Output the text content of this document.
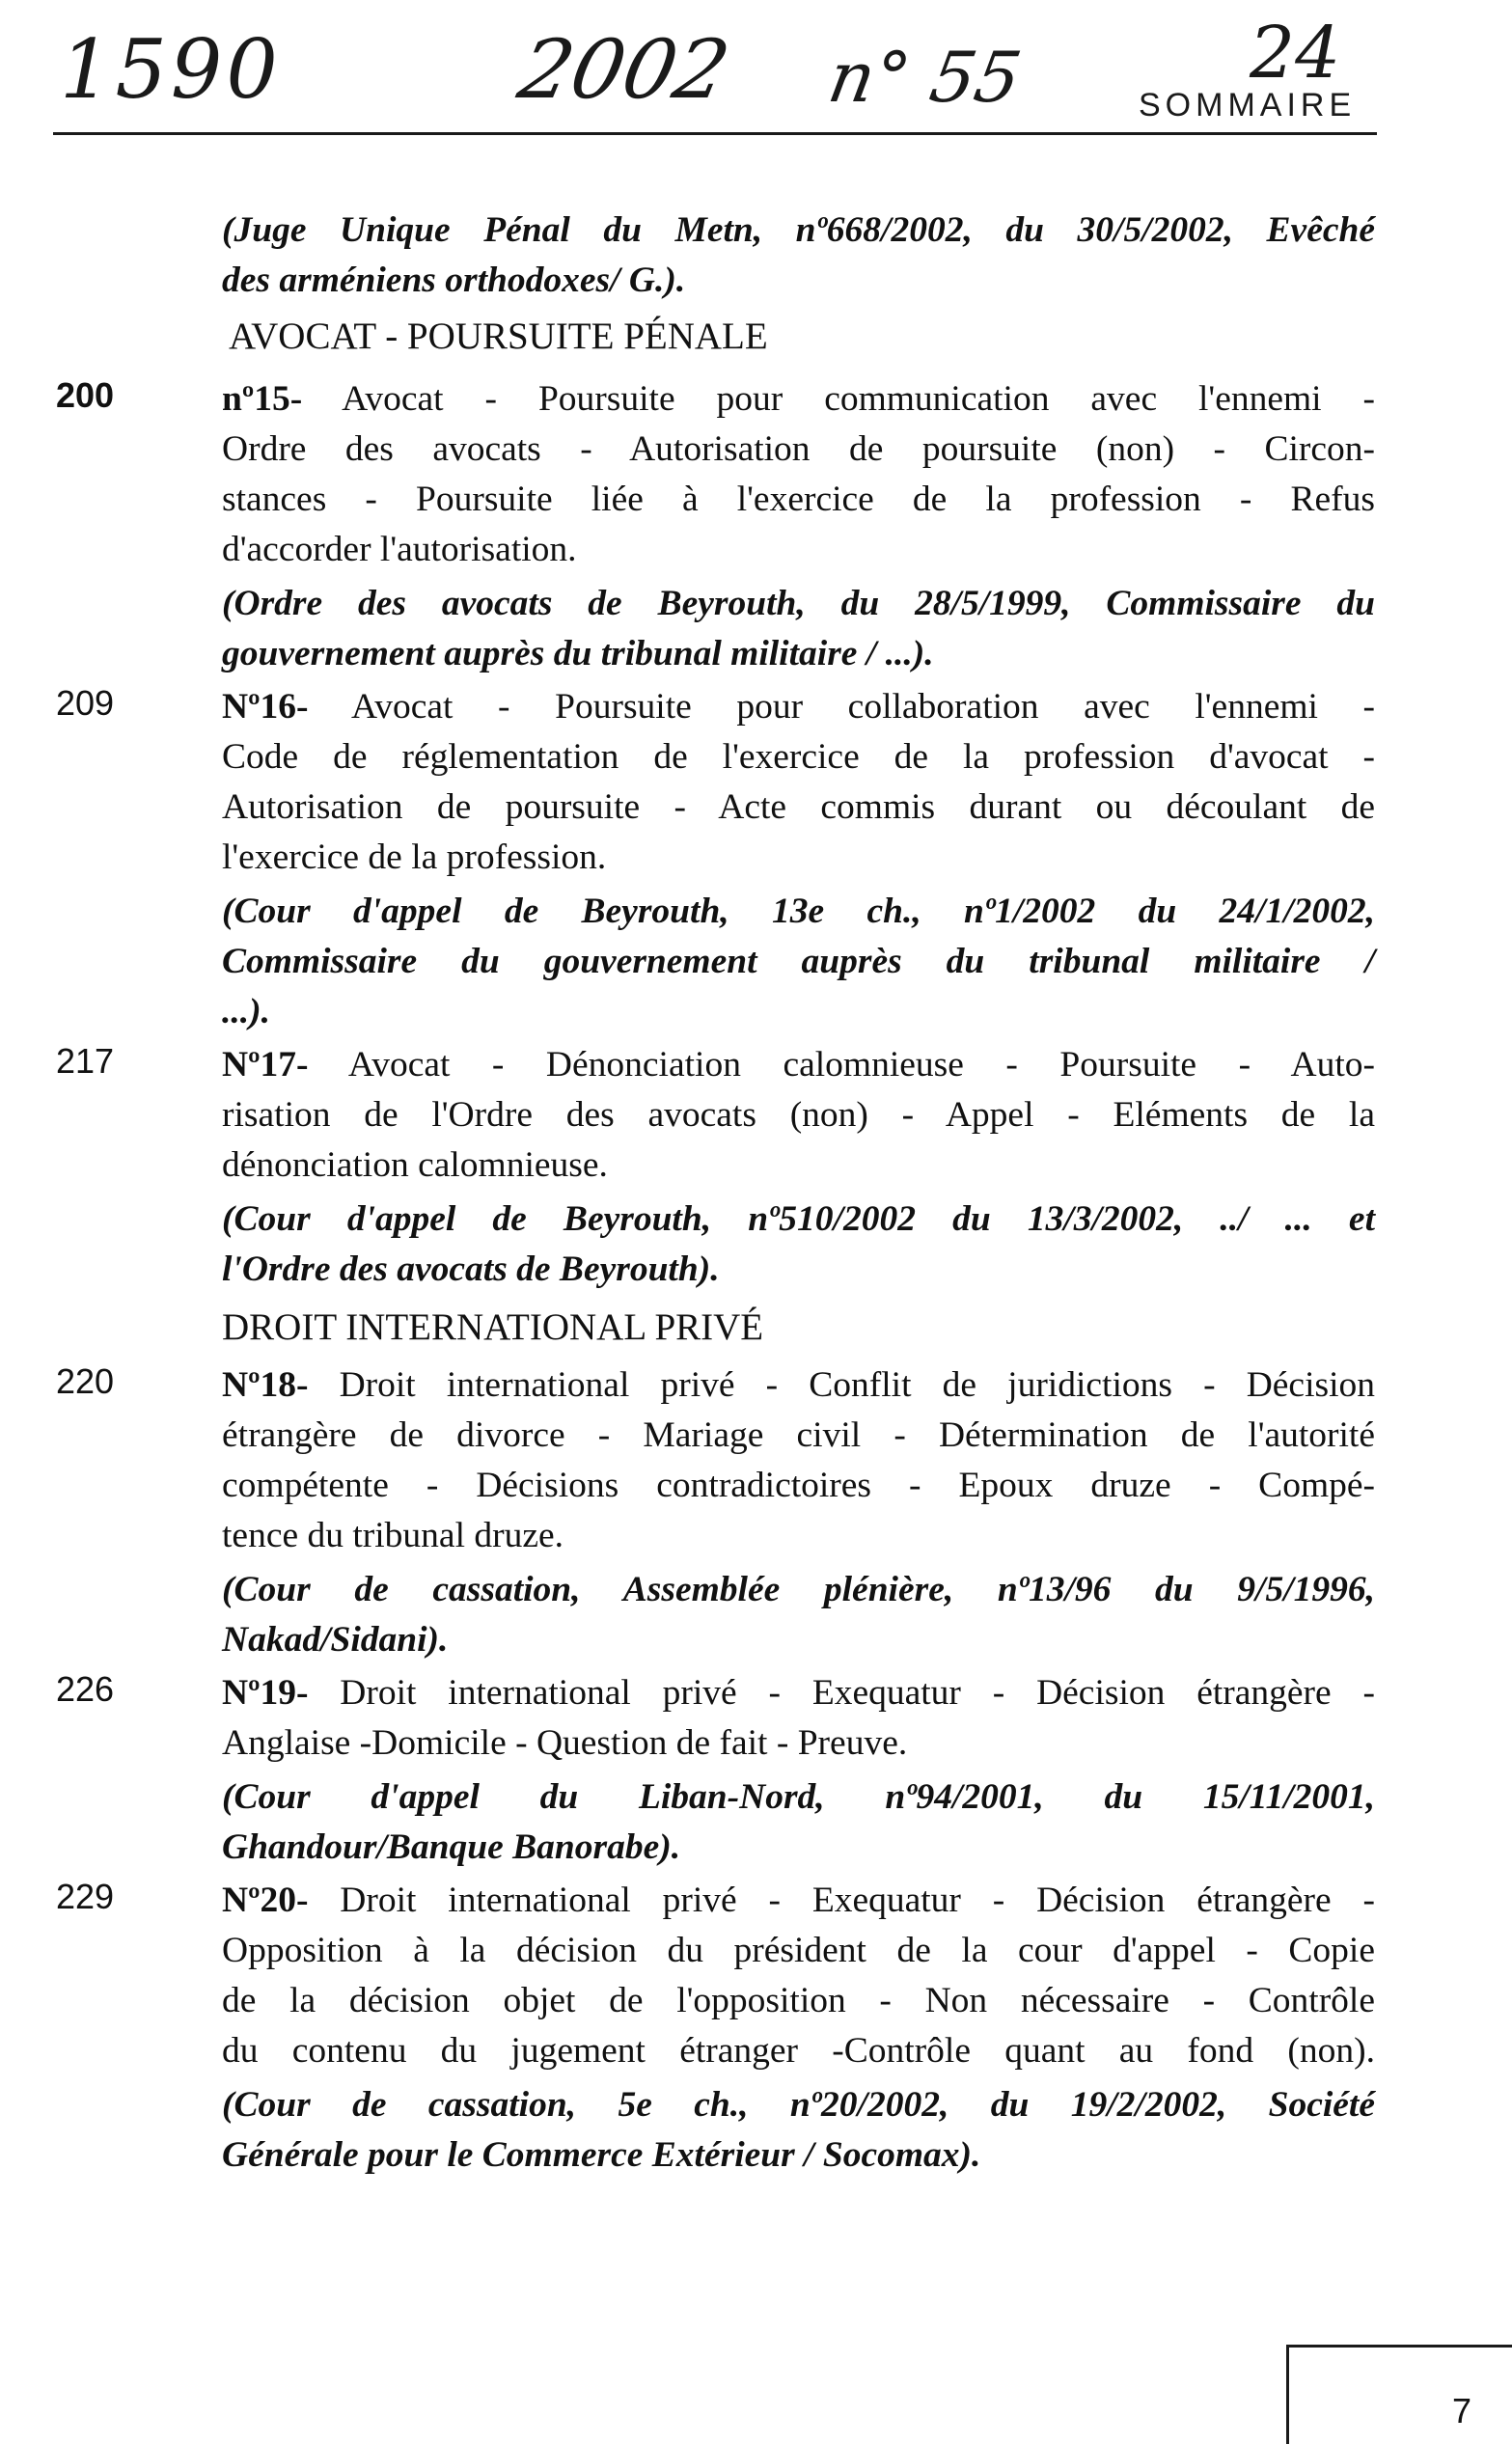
1590	2002 n° 55	24
SOMMAIRE
(Juge Unique Pénal du Metn, nº668/2002, du 30/5/2002, Evêché
des arméniens orthodoxes/ G.).
AVOCAT - POURSUITE PÉNALE
200	nº15- Avocat - Poursuite pour communication avec l'ennemi -
Ordre des avocats - Autorisation de poursuite (non) - Circon-
stances - Poursuite liée à l'exercice de la profession - Refus
d'accorder l'autorisation.
(Ordre des avocats de Beyrouth, du 28/5/1999, Commissaire du
gouvernement auprès du tribunal militaire / ...).
209	Nº16- Avocat - Poursuite pour collaboration avec l'ennemi -
Code de réglementation de l'exercice de la profession d'avocat -
Autorisation de poursuite - Acte commis durant ou découlant de
l'exercice de la profession.
(Cour d'appel de Beyrouth, 13e ch., nº1/2002 du 24/1/2002,
Commissaire du gouvernement auprès du tribunal militaire /
...).
217	Nº17- Avocat - Dénonciation calomnieuse - Poursuite - Auto-
risation de l'Ordre des avocats (non) - Appel - Eléments de la
dénonciation calomnieuse.
(Cour d'appel de Beyrouth, nº510/2002 du 13/3/2002, ../ ... et
l'Ordre des avocats de Beyrouth).
DROIT INTERNATIONAL PRIVÉ
220	Nº18- Droit international privé - Conflit de juridictions - Décision
étrangère de divorce - Mariage civil - Détermination de l'autorité
compétente - Décisions contradictoires - Epoux druze - Compé-
tence du tribunal druze.
(Cour de cassation, Assemblée plénière, nº13/96 du 9/5/1996,
Nakad/Sidani).
226	Nº19- Droit international privé - Exequatur - Décision étrangère -
Anglaise -Domicile - Question de fait - Preuve.
(Cour d'appel du Liban-Nord, nº94/2001, du 15/11/2001,
Ghandour/Banque Banorabe).
229	Nº20- Droit international privé - Exequatur - Décision étrangère -
Opposition à la décision du président de la cour d'appel - Copie
de la décision objet de l'opposition - Non nécessaire - Contrôle
du contenu du jugement étranger -Contrôle quant au fond (non).
(Cour de cassation, 5e ch., nº20/2002, du 19/2/2002, Société
Générale pour le Commerce Extérieur / Socomax).
7
